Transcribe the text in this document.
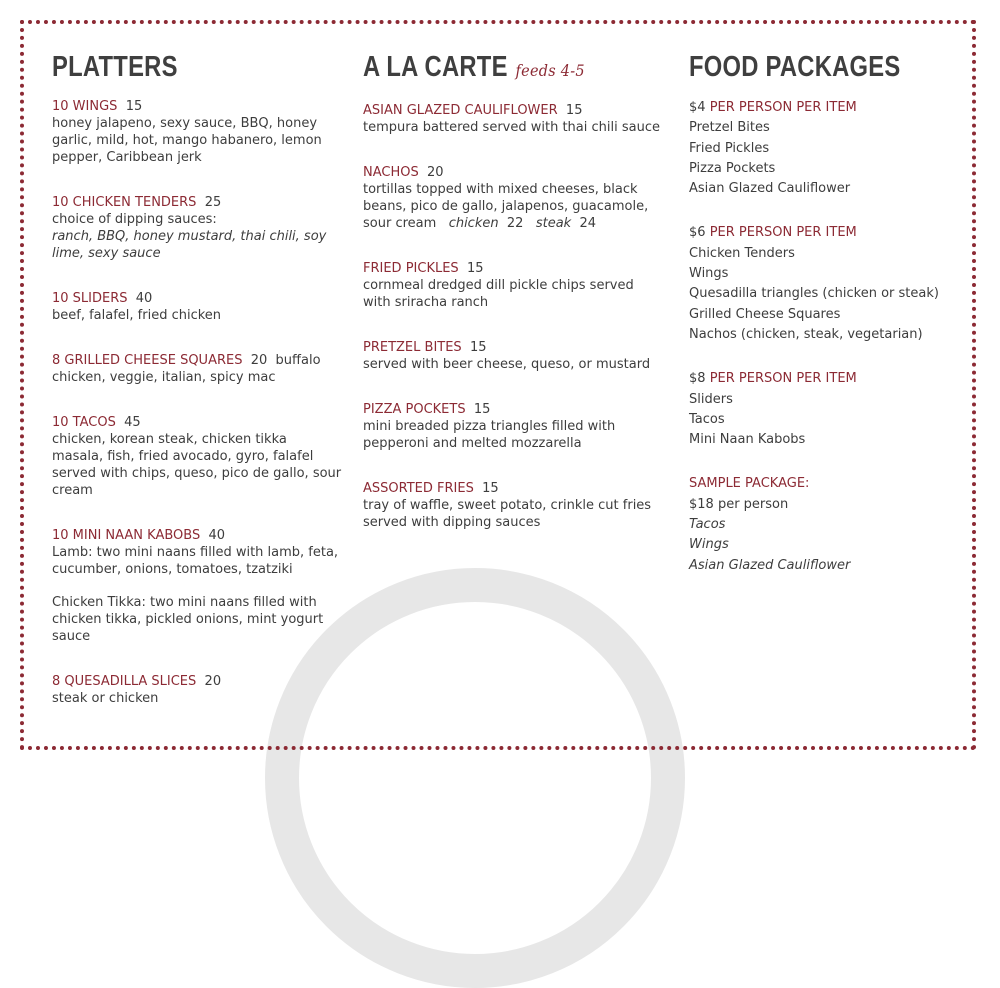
PLATTERS
10 WINGS 15
honey jalapeno, sexy sauce, BBQ, honey garlic, mild, hot, mango habanero, lemon pepper, Caribbean jerk
10 CHICKEN TENDERS 25
choice of dipping sauces:
ranch, BBQ, honey mustard, thai chili, soy lime, sexy sauce
10 SLIDERS 40
beef, falafel, fried chicken
8 GRILLED CHEESE SQUARES 20 buffalo
chicken, veggie, italian, spicy mac
10 TACOS 45
chicken, korean steak, chicken tikka masala, fish, fried avocado, gyro, falafel served with chips, queso, pico de gallo, sour cream
10 MINI NAAN KABOBS 40
Lamb: two mini naans filled with lamb, feta, cucumber, onions, tomatoes, tzatziki
Chicken Tikka: two mini naans filled with chicken tikka, pickled onions, mint yogurt sauce
8 QUESADILLA SLICES 20
steak or chicken
A LA CARTE feeds 4-5
ASIAN GLAZED CAULIFLOWER 15
tempura battered served with thai chili sauce
NACHOS 20
tortillas topped with mixed cheeses, black beans, pico de gallo, jalapenos, guacamole, sour cream chicken 22 steak 24
FRIED PICKLES 15
cornmeal dredged dill pickle chips served with sriracha ranch
PRETZEL BITES 15
served with beer cheese, queso, or mustard
PIZZA POCKETS 15
mini breaded pizza triangles filled with pepperoni and melted mozzarella
ASSORTED FRIES 15
tray of waffle, sweet potato, crinkle cut fries served with dipping sauces
FOOD PACKAGES
$4 PER PERSON PER ITEM
Pretzel Bites
Fried Pickles
Pizza Pockets
Asian Glazed Cauliflower
$6 PER PERSON PER ITEM
Chicken Tenders
Wings
Quesadilla triangles (chicken or steak)
Grilled Cheese Squares
Nachos (chicken, steak, vegetarian)
$8 PER PERSON PER ITEM
Sliders
Tacos
Mini Naan Kabobs
SAMPLE PACKAGE:
$18 per person
Tacos
Wings
Asian Glazed Cauliflower
